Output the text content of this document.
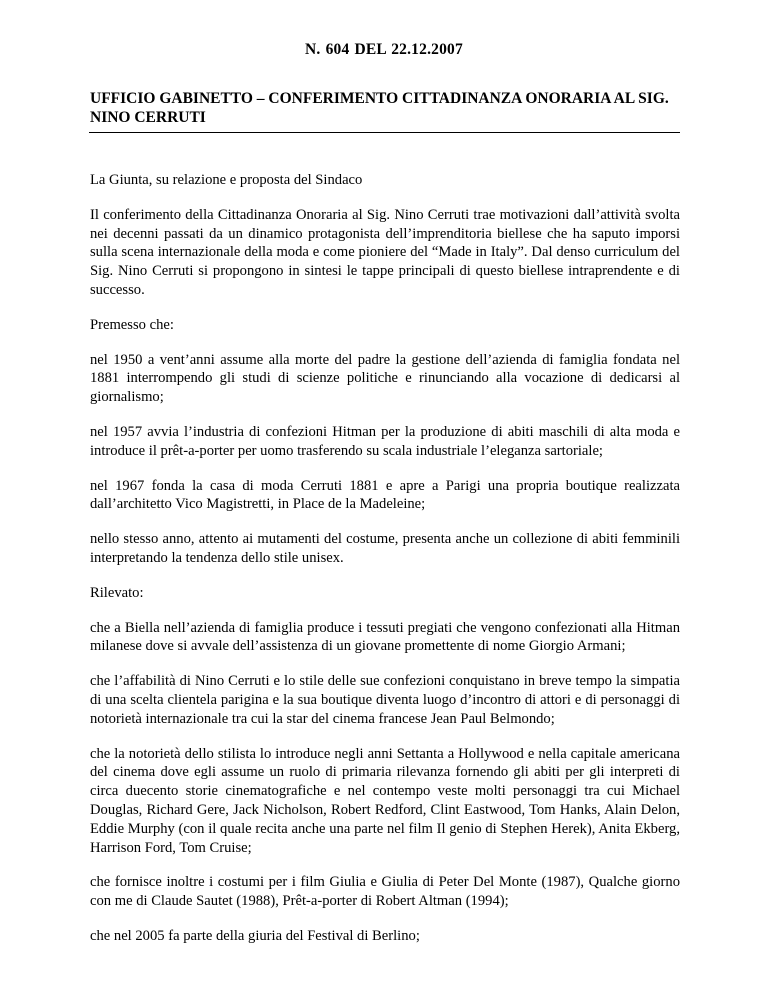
N. 604 DEL 22.12.2007

UFFICIO GABINETTO – CONFERIMENTO CITTADINANZA ONORARIA AL SIG. NINO CERRUTI

La Giunta, su relazione e proposta del Sindaco

Il conferimento della Cittadinanza Onoraria al Sig. Nino Cerruti trae motivazioni dall’attività svolta nei decenni passati da un dinamico protagonista dell’imprenditoria biellese che ha saputo imporsi sulla scena internazionale della moda e come pioniere del “Made in Italy”. Dal denso curriculum del Sig. Nino Cerruti si propongono in sintesi le tappe principali di questo biellese intraprendente e di successo.

Premesso che:

nel 1950 a vent’anni assume alla morte del padre la gestione dell’azienda di famiglia fondata nel 1881 interrompendo gli studi di scienze politiche e rinunciando alla vocazione di dedicarsi al giornalismo;

nel 1957 avvia l’industria di confezioni Hitman per la produzione di abiti maschili di alta moda e introduce il prêt-a-porter per uomo trasferendo su scala industriale l’eleganza sartoriale;

nel 1967 fonda la casa di moda Cerruti 1881 e apre a Parigi una propria boutique realizzata dall’architetto Vico Magistretti, in Place de la Madeleine;

nello stesso anno, attento ai mutamenti del costume, presenta anche un collezione di abiti femminili interpretando la tendenza dello stile unisex.

Rilevato:

che a Biella nell’azienda di famiglia produce i tessuti pregiati che vengono confezionati alla Hitman milanese dove si avvale dell’assistenza di un giovane promettente di nome Giorgio Armani;

che l’affabilità di Nino Cerruti e lo stile delle sue confezioni conquistano in breve tempo la simpatia di una scelta clientela parigina e la sua boutique diventa luogo d’incontro di attori e di personaggi di notorietà internazionale tra cui la star del cinema francese Jean Paul Belmondo;

che la notorietà dello stilista lo introduce negli anni Settanta a Hollywood e nella capitale americana del cinema dove egli assume un ruolo di primaria rilevanza fornendo gli abiti per gli interpreti di circa duecento storie cinematografiche e nel contempo veste molti personaggi tra cui Michael Douglas, Richard Gere, Jack Nicholson, Robert Redford, Clint Eastwood, Tom Hanks, Alain Delon, Eddie Murphy (con il quale recita anche una parte nel film Il genio di Stephen Herek), Anita Ekberg, Harrison Ford, Tom Cruise;

che fornisce inoltre i costumi per i film Giulia e Giulia di Peter Del Monte (1987), Qualche giorno con me di Claude Sautet (1988), Prêt-a-porter di Robert Altman (1994);

che nel 2005 fa parte della giuria del Festival di Berlino;
